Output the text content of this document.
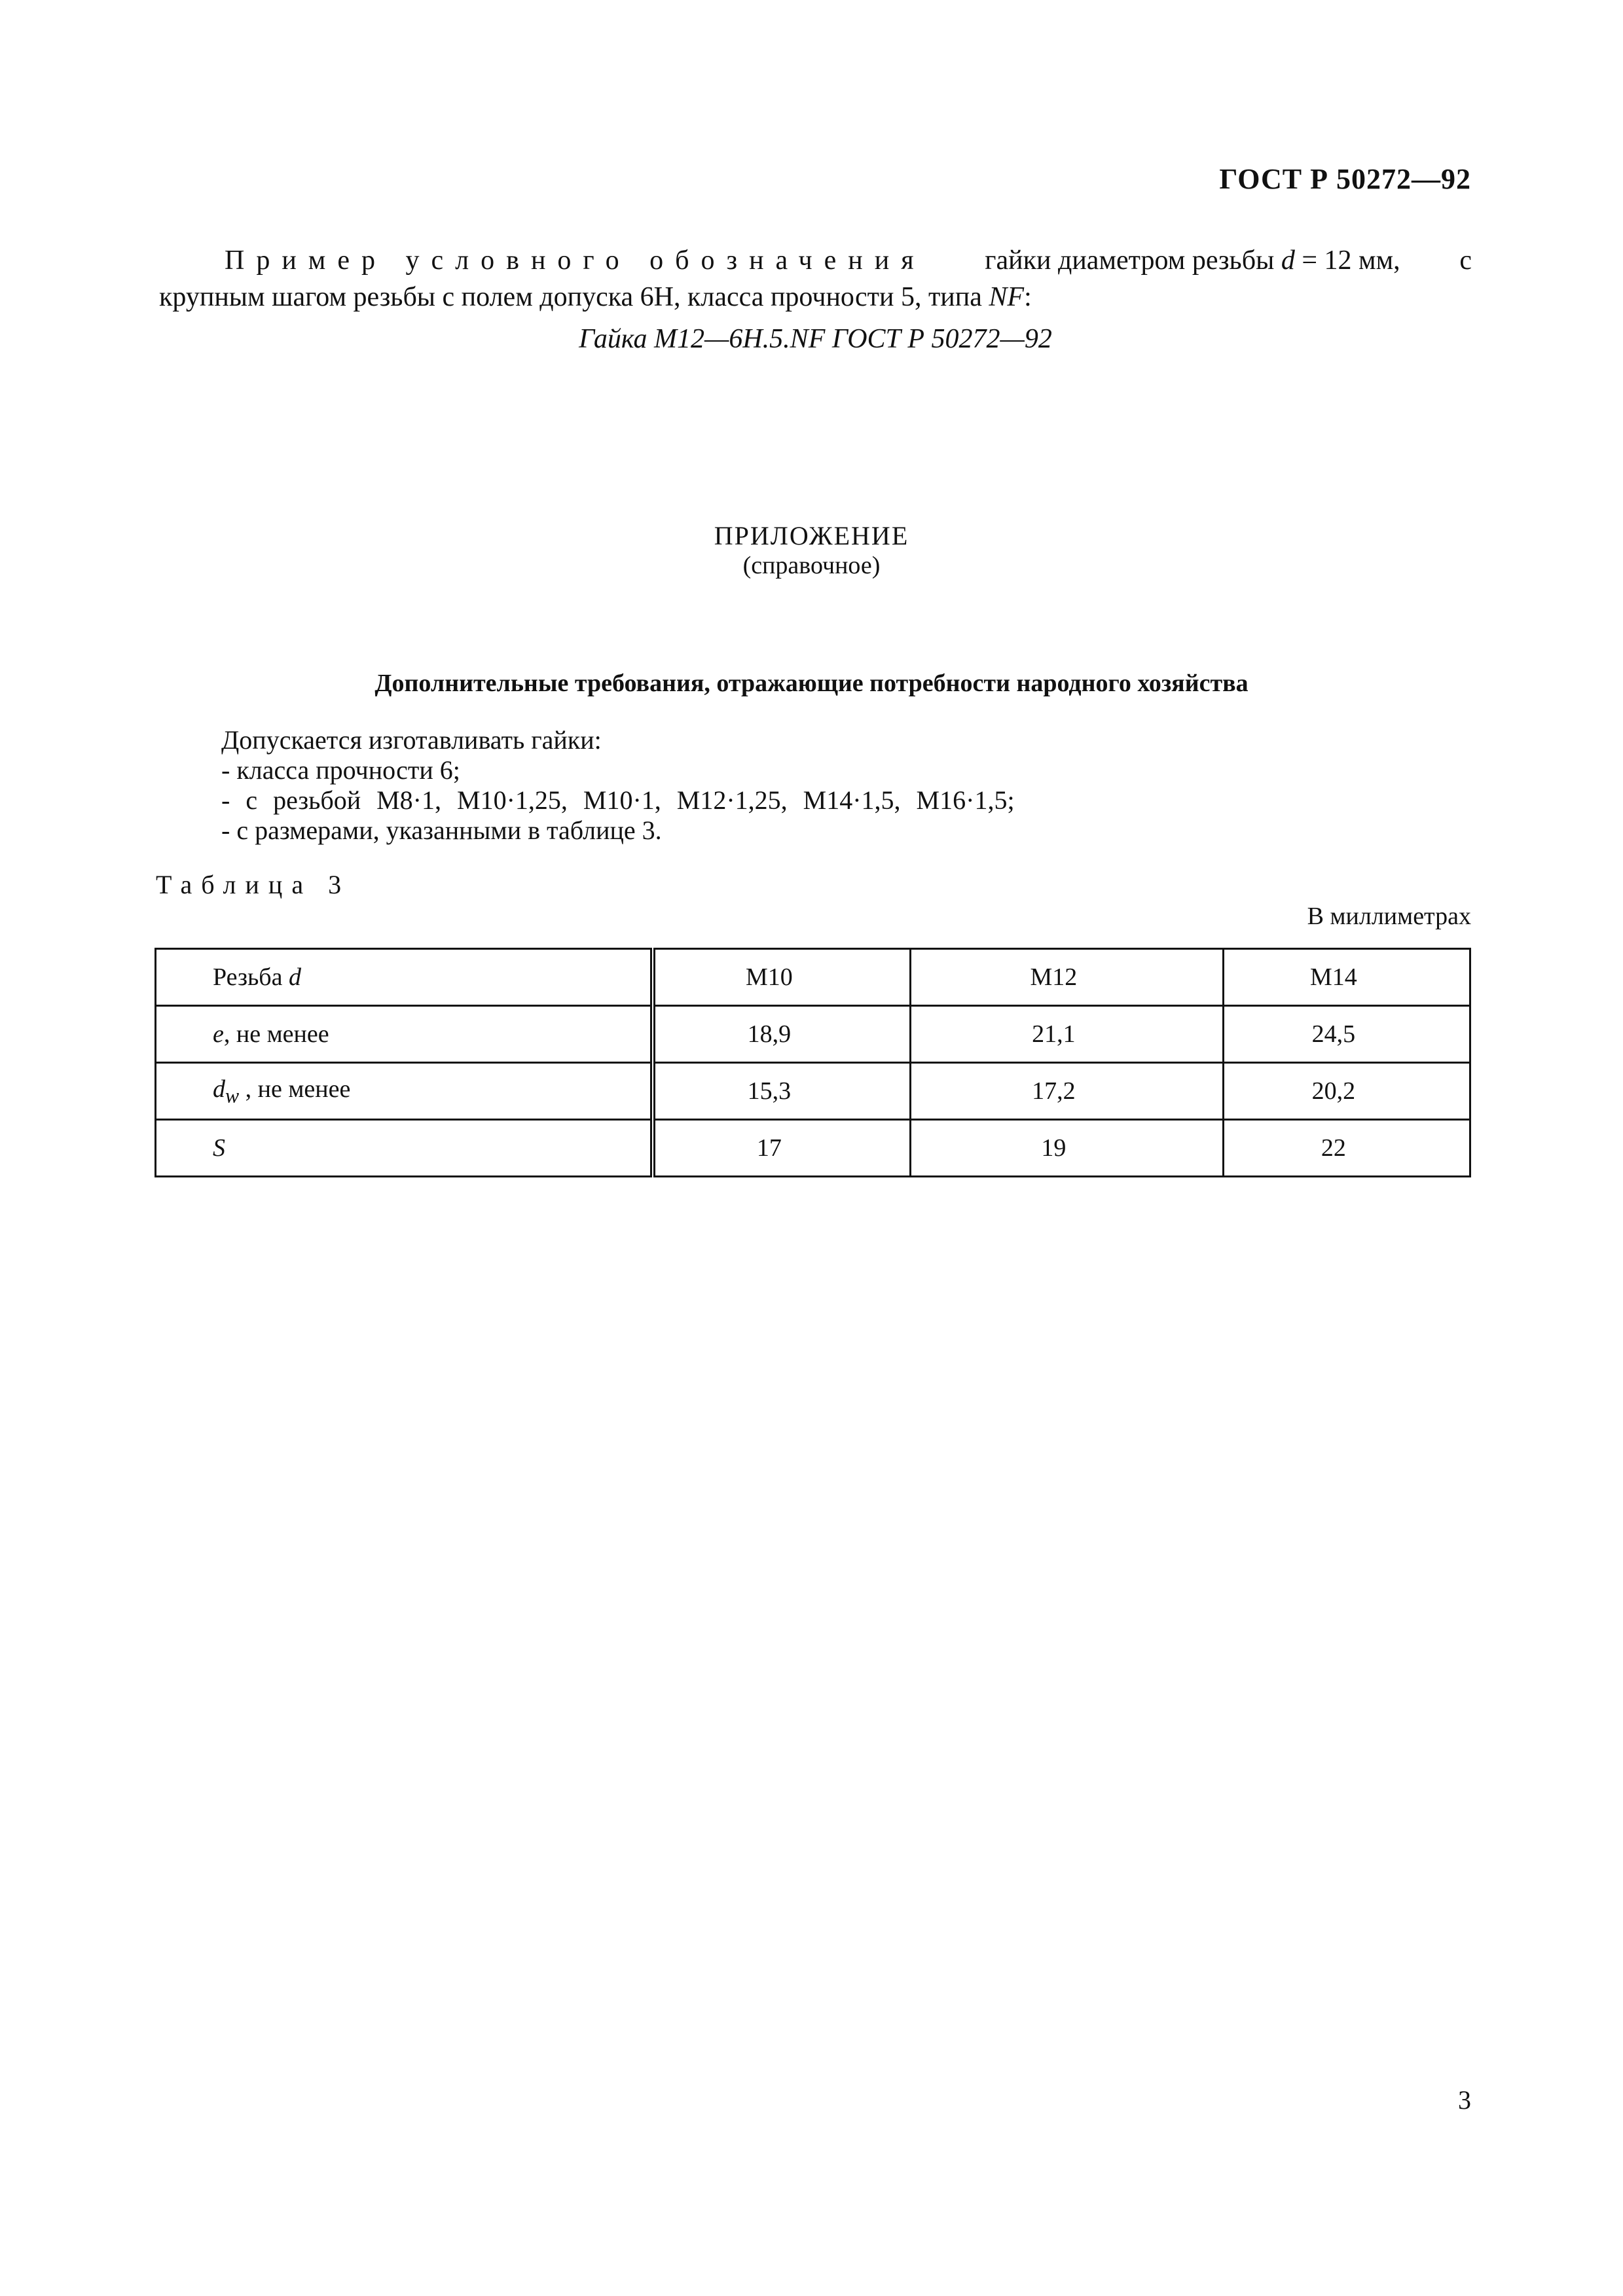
ГОСТ Р 50272—92
Пример условного обозначения гайки диаметром резьбы d = 12 мм, с
крупным шагом резьбы с полем допуска 6H, класса прочности 5, типа NF:
Гайка M12—6H.5.NF ГОСТ Р 50272—92
ПРИЛОЖЕНИЕ
(справочное)
Дополнительные требования, отражающие потребности народного хозяйства
Допускается изготавливать гайки:
- класса прочности 6;
- с резьбой M8·1, M10·1,25, M10·1, M12·1,25, M14·1,5, M16·1,5;
- с размерами, указанными в таблице 3.
Таблица 3
В миллиметрах
Резьба d	M10	M12	M14
e, не менее	18,9	21,1	24,5
$d_w$ , не менее	15,3	17,2	20,2
S	17	19	22
3
